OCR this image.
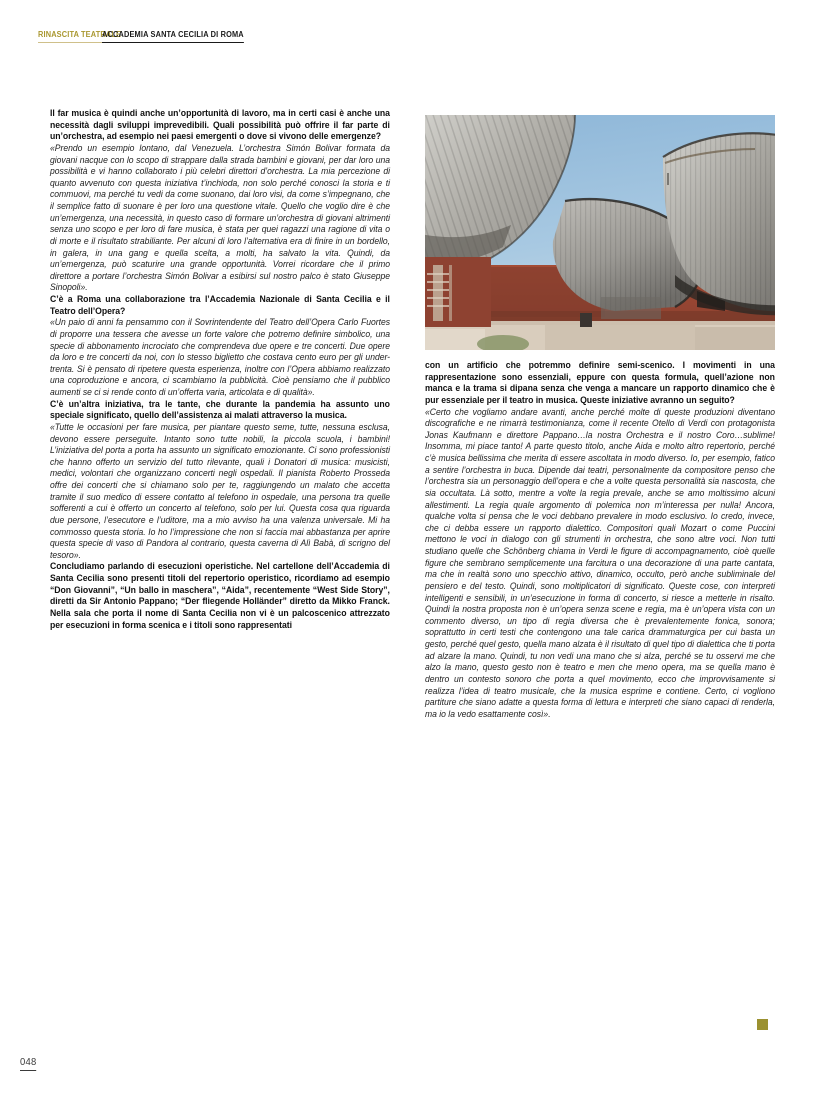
RINASCITA TEATRALE
ACCADEMIA SANTA CECILIA DI ROMA

Il far musica è quindi anche un’opportunità di lavoro, ma in certi casi è anche una necessità dagli sviluppi imprevedibili. Quali possibilità può offrire il far parte di un’orchestra, ad esempio nei paesi emergenti o dove si vivono delle emergenze?

«Prendo un esempio lontano, dal Venezuela. L’orchestra Simón Bolivar formata da giovani nacque con lo scopo di strappare dalla strada bambini e giovani, per dar loro una possibilità e vi hanno collaborato i più celebri direttori d’orchestra. La mia percezione di quanto avvenuto con questa iniziativa t’inchioda, non solo perché conosci la storia e ti commuovi, ma perché tu vedi da come suonano, dai loro visi, da come s’impegnano, che il semplice fatto di suonare è per loro una questione vitale. Quello che voglio dire è che un’emergenza, una necessità, in questo caso di formare un’orchestra di giovani altrimenti senza uno scopo e per loro di fare musica, è stata per quei ragazzi una ragione di vita o di morte e il risultato strabiliante. Per alcuni di loro l’alternativa era di finire in un bordello, in galera, in una gang e quella scelta, a molti, ha salvato la vita. Quindi, da un’emergenza, può scaturire una grande opportunità. Vorrei ricordare che il primo direttore a portare l’orchestra Simón Bolivar a esibirsi sul nostro palco è stato Giuseppe Sinopoli».

C’è a Roma una collaborazione tra l’Accademia Nazionale di Santa Cecilia e il Teatro dell’Opera?

«Un paio di anni fa pensammo con il Sovrintendente del Teatro dell’Opera Carlo Fuortes di proporre una tessera che avesse un forte valore che potremo definire simbolico, una specie di abbonamento incrociato che comprendeva due opere e tre concerti. Due opere da loro e tre concerti da noi, con lo stesso biglietto che costava cento euro per gli under-trenta. Si è pensato di ripetere questa esperienza, inoltre con l’Opera abbiamo realizzato una coproduzione e ancora, ci scambiamo la pubblicità. Cioè pensiamo che il pubblico aumenti se ci si rende conto di un’offerta varia, articolata e di qualità».

C’è un’altra iniziativa, tra le tante, che durante la pandemia ha assunto uno speciale significato, quello dell’assistenza ai malati attraverso la musica.

«Tutte le occasioni per fare musica, per piantare questo seme, tutte, nessuna esclusa, devono essere perseguite. Intanto sono tutte nobili, la piccola scuola, i bambini! L’iniziativa del porta a porta ha assunto un significato emozionante. Ci sono professionisti che hanno offerto un servizio del tutto rilevante, quali i Donatori di musica: musicisti, medici, volontari che organizzano concerti negli ospedali. Il pianista Roberto Prosseda offre dei concerti che si chiamano solo per te, raggiungendo un malato che accetta tramite il suo medico di essere contatto al telefono in ospedale, una persona tra quelle sofferenti a cui è offerto un concerto al telefono, solo per lui. Questa cosa qua riguarda due persone, l’esecutore e l’uditore, ma a mio avviso ha una valenza universale. Mi ha commosso questa storia. Io ho l’impressione che non si faccia mai abbastanza per aprire questa specie di vaso di Pandora al contrario, questa caverna di Alì Babà, di scrigno del tesoro».

Concludiamo parlando di esecuzioni operistiche. Nel cartellone dell’Accademia di Santa Cecilia sono presenti titoli del repertorio operistico, ricordiamo ad esempio “Don Giovanni”, “Un ballo in maschera”, “Aida”, recentemente “West Side Story”, diretti da Sir Antonio Pappano; “Der fliegende Holländer” diretto da Mikko Franck. Nella sala che porta il nome di Santa Cecilia non vi è un palcoscenico attrezzato per esecuzioni in forma scenica e i titoli sono rappresentati

con un artificio che potremmo definire semi-scenico. I movimenti in una rappresentazione sono essenziali, eppure con questa formula, quell’azione non manca e la trama si dipana senza che venga a mancare un rapporto dinamico che è pur essenziale per il teatro in musica. Queste iniziative avranno un seguito?

«Certo che vogliamo andare avanti, anche perché molte di queste produzioni diventano discografiche e ne rimarrà testimonianza, come il recente Otello di Verdi con protagonista Jonas Kaufmann e direttore Pappano…la nostra Orchestra e il nostro Coro…sublime! Insomma, mi piace tanto! A parte questo titolo, anche Aida e molto altro repertorio, perché c’è musica bellissima che merita di essere ascoltata in modo diverso. Io, per esempio, fatico a sentire l’orchestra in buca. Dipende dai teatri, personalmente da compositore penso che l’orchestra sia un personaggio dell’opera e che a volte questa personalità sia nascosta, che sia occultata. Là sotto, mentre a volte la regia prevale, anche se amo moltissimo alcuni allestimenti. La regia quale argomento di polemica non m’interessa per nulla! Ancora, qualche volta si pensa che le voci debbano prevalere in modo esclusivo. Io credo, invece, che ci debba essere un rapporto dialettico. Compositori quali Mozart o come Puccini mettono le voci in dialogo con gli strumenti in orchestra, che sono altre voci. Non tutti studiano quelle che Schönberg chiama in Verdi le figure di accompagnamento, cioè quelle figure che sembrano semplicemente una farcitura o una decorazione di una parte cantata, ma che in realtà sono uno specchio attivo, dinamico, occulto, però anche subliminale del pensiero e del testo. Quindi, sono moltiplicatori di significato. Queste cose, con interpreti intelligenti e sensibili, in un’esecuzione in forma di concerto, si riesce a metterle in risalto. Quindi la nostra proposta non è un’opera senza scene e regia, ma è un’opera vista con un commento diverso, un tipo di regia diversa che è prevalentemente fonica, sonora; soprattutto in certi testi che contengono una tale carica drammaturgica per cui basta un gesto, perché quel gesto, quella mano alzata è il risultato di quel tipo di dialettica che ti porta ad alzare la mano. Quindi, tu non vedi una mano che si alza, perché se tu osservi me che alzo la mano, questo gesto non è teatro e men che meno opera, ma se quella mano è dentro un contesto sonoro che porta a quel movimento, ecco che improvvisamente si realizza l’idea di teatro musicale, che la musica esprime e contiene. Certo, ci vogliono partiture che siano adatte a questa forma di lettura e interpreti che siano capaci di renderla, ma io la vedo esattamente così».

048
